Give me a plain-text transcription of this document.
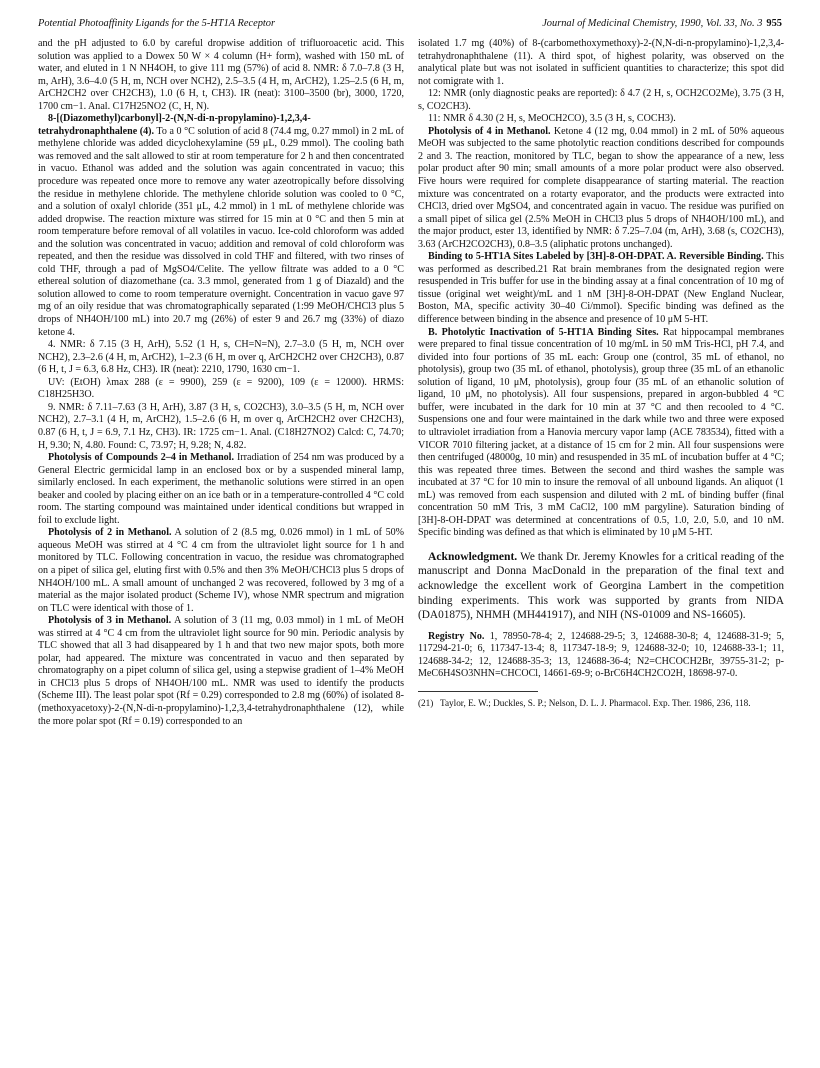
Potential Photoaffinity Ligands for the 5-HT1A Receptor	Journal of Medicinal Chemistry, 1990, Vol. 33, No. 3 955

and the pH adjusted to 6.0 by careful dropwise addition of trifluoroacetic acid. This solution was applied to a Dowex 50 W × 4 column (H+ form), washed with 150 mL of water, and eluted in 1 N NH4OH, to give 111 mg (57%) of acid 8. NMR: δ 7.0–7.8 (3 H, m, ArH), 3.6–4.0 (5 H, m, NCH over NCH2), 2.5–3.5 (4 H, m, ArCH2), 1.25–2.5 (6 H, m, ArCH2CH2 over CH2CH3), 1.0 (6 H, t, CH3). IR (neat): 3100–3500 (br), 3000, 1720, 1700 cm−1. Anal. C17H25NO2 (C, H, N).

8-[(Diazomethyl)carbonyl]-2-(N,N-di-n-propylamino)-1,2,3,4-tetrahydronaphthalene (4). To a 0 °C solution of acid 8 (74.4 mg, 0.27 mmol) in 2 mL of methylene chloride was added dicyclohexylamine (59 μL, 0.29 mmol). The cooling bath was removed and the salt allowed to stir at room temperature for 2 h and then concentrated in vacuo. Ethanol was added and the solution was again concentrated in vacuo; this procedure was repeated once more to remove any water azeotropically before dissolving the residue in methylene chloride. The methylene chloride solution was cooled to 0 °C, and a solution of oxalyl chloride (351 μL, 4.2 mmol) in 1 mL of methylene chloride was added dropwise. The reaction mixture was stirred for 15 min at 0 °C and then 5 min at room temperature before removal of all volatiles in vacuo. Ice-cold chloroform was added and the solution was concentrated in vacuo; addition and removal of cold chloroform was repeated, and then the residue was dissolved in cold THF and filtered, with two rinses of cold THF, through a pad of MgSO4/Celite. The yellow filtrate was added to a 0 °C ethereal solution of diazomethane (ca. 3.3 mmol, generated from 1 g of Diazald) and the solution allowed to come to room temperature overnight. Concentration in vacuo gave 97 mg of an oily residue that was chromatographically separated (1:99 MeOH/CHCl3 plus 5 drops of NH4OH/100 mL) into 20.7 mg (26%) of ester 9 and 26.7 mg (33%) of diazo ketone 4.

4. NMR: δ 7.15 (3 H, ArH), 5.52 (1 H, s, CH=N=N), 2.7–3.0 (5 H, m, NCH over NCH2), 2.3–2.6 (4 H, m, ArCH2), 1–2.3 (6 H, m over q, ArCH2CH2 over CH2CH3), 0.87 (6 H, t, J = 6.3, 6.8 Hz, CH3). IR (neat): 2210, 1790, 1630 cm−1.

UV: (EtOH) λmax 288 (ε = 9900), 259 (ε = 9200), 109 (ε = 12000). HRMS: C18H25H3O.

9. NMR: δ 7.11–7.63 (3 H, ArH), 3.87 (3 H, s, CO2CH3), 3.0–3.5 (5 H, m, NCH over NCH2), 2.7–3.1 (4 H, m, ArCH2), 1.5–2.6 (6 H, m over q, ArCH2CH2 over CH2CH3), 0.87 (6 H, t, J = 6.9, 7.1 Hz, CH3). IR: 1725 cm−1. Anal. (C18H27NO2) Calcd: C, 74.70; H, 9.30; N, 4.80. Found: C, 73.97; H, 9.28; N, 4.82.

Photolysis of Compounds 2–4 in Methanol. Irradiation of 254 nm was produced by a General Electric germicidal lamp in an enclosed box or by a suspended mineral lamp, similarly enclosed. In each experiment, the methanolic solutions were stirred in an open beaker and cooled by placing either on an ice bath or in a temperature-controlled 4 °C cold room. The starting compound was maintained under identical conditions but wrapped in foil to exclude light.

Photolysis of 2 in Methanol. A solution of 2 (8.5 mg, 0.026 mmol) in 1 mL of 50% aqueous MeOH was stirred at 4 °C 4 cm from the ultraviolet light source for 1 h and monitored by TLC. Following concentration in vacuo, the residue was chromatographed on a pipet of silica gel, eluting first with 0.5% and then 3% MeOH/CHCl3 plus 5 drops of NH4OH/100 mL. A small amount of unchanged 2 was recovered, followed by 3 mg of a material as the major isolated product (Scheme IV), whose NMR spectrum and migration on TLC were identical with those of 1.

Photolysis of 3 in Methanol. A solution of 3 (11 mg, 0.03 mmol) in 1 mL of MeOH was stirred at 4 °C 4 cm from the ultraviolet light source for 90 min. Periodic analysis by TLC showed that all 3 had disappeared by 1 h and that two new major spots, both more polar, had appeared. The mixture was concentrated in vacuo and then separated by chromatography on a pipet column of silica gel, using a stepwise gradient of 1–4% MeOH in CHCl3 plus 5 drops of NH4OH/100 mL. NMR was used to identify the products (Scheme III). The least polar spot (Rf = 0.29) corresponded to 2.8 mg (60%) of isolated 8-(methoxyacetoxy)-2-(N,N-di-n-propylamino)-1,2,3,4-tetrahydronaphthalene (12), while the more polar spot (Rf = 0.19) corresponded to an

isolated 1.7 mg (40%) of 8-(carbomethoxymethoxy)-2-(N,N-di-n-propylamino)-1,2,3,4-tetrahydronaphthalene (11). A third spot, of highest polarity, was observed on the analytical plate but was not isolated in sufficient quantities to characterize; this spot did not comigrate with 1.

12: NMR (only diagnostic peaks are reported): δ 4.7 (2 H, s, OCH2CO2Me), 3.75 (3 H, s, CO2CH3).

11: NMR δ 4.30 (2 H, s, MeOCH2CO), 3.5 (3 H, s, COCH3).

Photolysis of 4 in Methanol. Ketone 4 (12 mg, 0.04 mmol) in 2 mL of 50% aqueous MeOH was subjected to the same photolytic reaction conditions described for compounds 2 and 3. The reaction, monitored by TLC, began to show the appearance of a new, less polar product after 90 min; small amounts of a more polar product were also observed. Five hours were required for complete disappearance of starting material. The reaction mixture was concentrated on a rotarty evaporator, and the products were extracted into CHCl3, dried over MgSO4, and concentrated again in vacuo. The residue was purified on a small pipet of silica gel (2.5% MeOH in CHCl3 plus 5 drops of NH4OH/100 mL), and the major product, ester 13, identified by NMR: δ 7.25–7.04 (m, ArH), 3.68 (s, CO2CH3), 3.63 (ArCH2CO2CH3), 0.8–3.5 (aliphatic protons unchanged).

Binding to 5-HT1A Sites Labeled by [3H]-8-OH-DPAT. A. Reversible Binding. This was performed as described.21 Rat brain membranes from the designated region were resuspended in Tris buffer for use in the binding assay at a final concentration of 10 mg of tissue (original wet weight)/mL and 1 nM [3H]-8-OH-DPAT (New England Nuclear, Boston, MA, specific activity 30–40 Ci/mmol). Specific binding was defined as the difference between binding in the absence and presence of 10 μM 5-HT.

B. Photolytic Inactivation of 5-HT1A Binding Sites. Rat hippocampal membranes were prepared to final tissue concentration of 10 mg/mL in 50 mM Tris-HCl, pH 7.4, and divided into four portions of 35 mL each: Group one (control, 35 mL of ethanol, no photolysis), group two (35 mL of ethanol, photolysis), group three (35 mL of an ethanolic solution of ligand, 10 μM, photolysis), group four (35 mL of an ethanolic solution of ligand, 10 μM, no photolysis). All four suspensions, prepared in argon-bubbled 4 °C buffer, were incubated in the dark for 10 min at 37 °C and then recooled to 4 °C. Suspensions one and four were maintained in the dark while two and three were exposed to ultraviolet irradiation from a Hanovia mercury vapor lamp (ACE 783534), fitted with a VICOR 7010 filtering jacket, at a distance of 15 cm for 2 min. All four suspensions were then centrifuged (48000g, 10 min) and resuspended in 35 mL of incubation buffer at 4 °C; this was repeated three times. Between the second and third washes the sample was incubated at 37 °C for 10 min to insure the removal of all unbound ligands. An aliquot (1 mL) was removed from each suspension and diluted with 2 mL of binding buffer (final concentration 50 mM Tris, 3 mM CaCl2, 100 mM pargyline). Saturation binding of [3H]-8-OH-DPAT was determined at concentrations of 0.5, 1.0, 2.0, 5.0, and 10 nM. Specific binding was defined as that which is eliminated by 10 μM 5-HT.

Acknowledgment. We thank Dr. Jeremy Knowles for a critical reading of the manuscript and Donna MacDonald in the preparation of the final text and acknowledge the excellent work of Georgina Lambert in the competition binding experiments. This work was supported by grants from NIDA (DA01875), NHMH (MH441917), and NIH (NS-01009 and NS-16605).

Registry No. 1, 78950-78-4; 2, 124688-29-5; 3, 124688-30-8; 4, 124688-31-9; 5, 117294-21-0; 6, 117347-13-4; 8, 117347-18-9; 9, 124688-32-0; 10, 124688-33-1; 11, 124688-34-2; 12, 124688-35-3; 13, 124688-36-4; N2=CHCOCH2Br, 39755-31-2; p-MeC6H4SO3NHN=CHCOCl, 14661-69-9; o-BrC6H4CH2CO2H, 18698-97-0.

(21) Taylor, E. W.; Duckles, S. P.; Nelson, D. L. J. Pharmacol. Exp. Ther. 1986, 236, 118.
